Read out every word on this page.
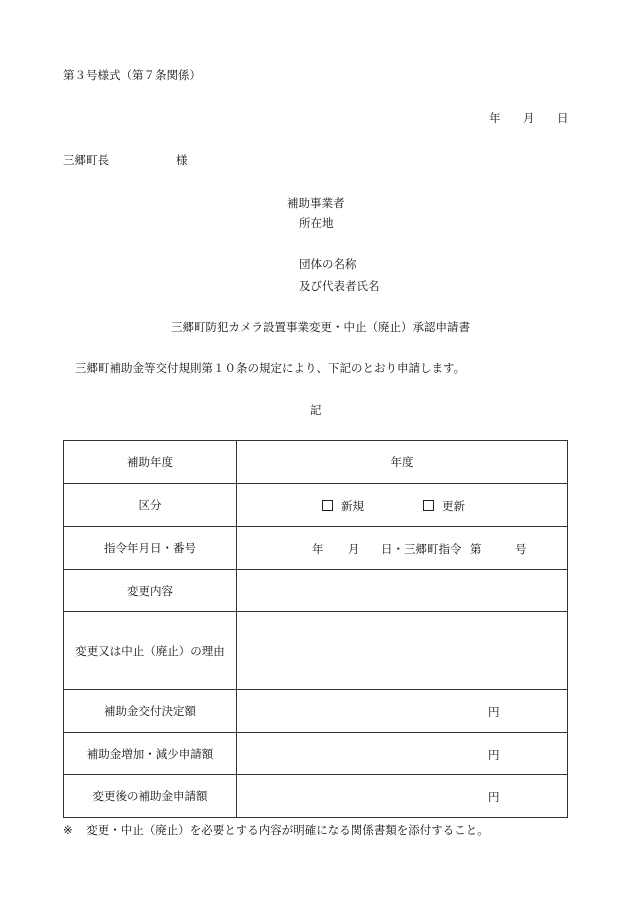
第３号様式（第７条関係）
年 月 日
三郷町長	様
補助事業者
所在地
団体の名称
及び代表者氏名
三郷町防犯カメラ設置事業変更・中止（廃止）承認申請書
三郷町補助金等交付規則第１０条の規定により、下記のとおり申請します。
記
補助年度	年度
区分	新規 更新

指令年月日・番号	年 月 日・三郷町指令 第 号

変更内容	
変更又は中止（廃止）の理由	
補助金交付決定額	円

補助金増加・減少申請額	円

変更後の補助金申請額	円
※ 変更・中止（廃止）を必要とする内容が明確になる関係書類を添付すること。
